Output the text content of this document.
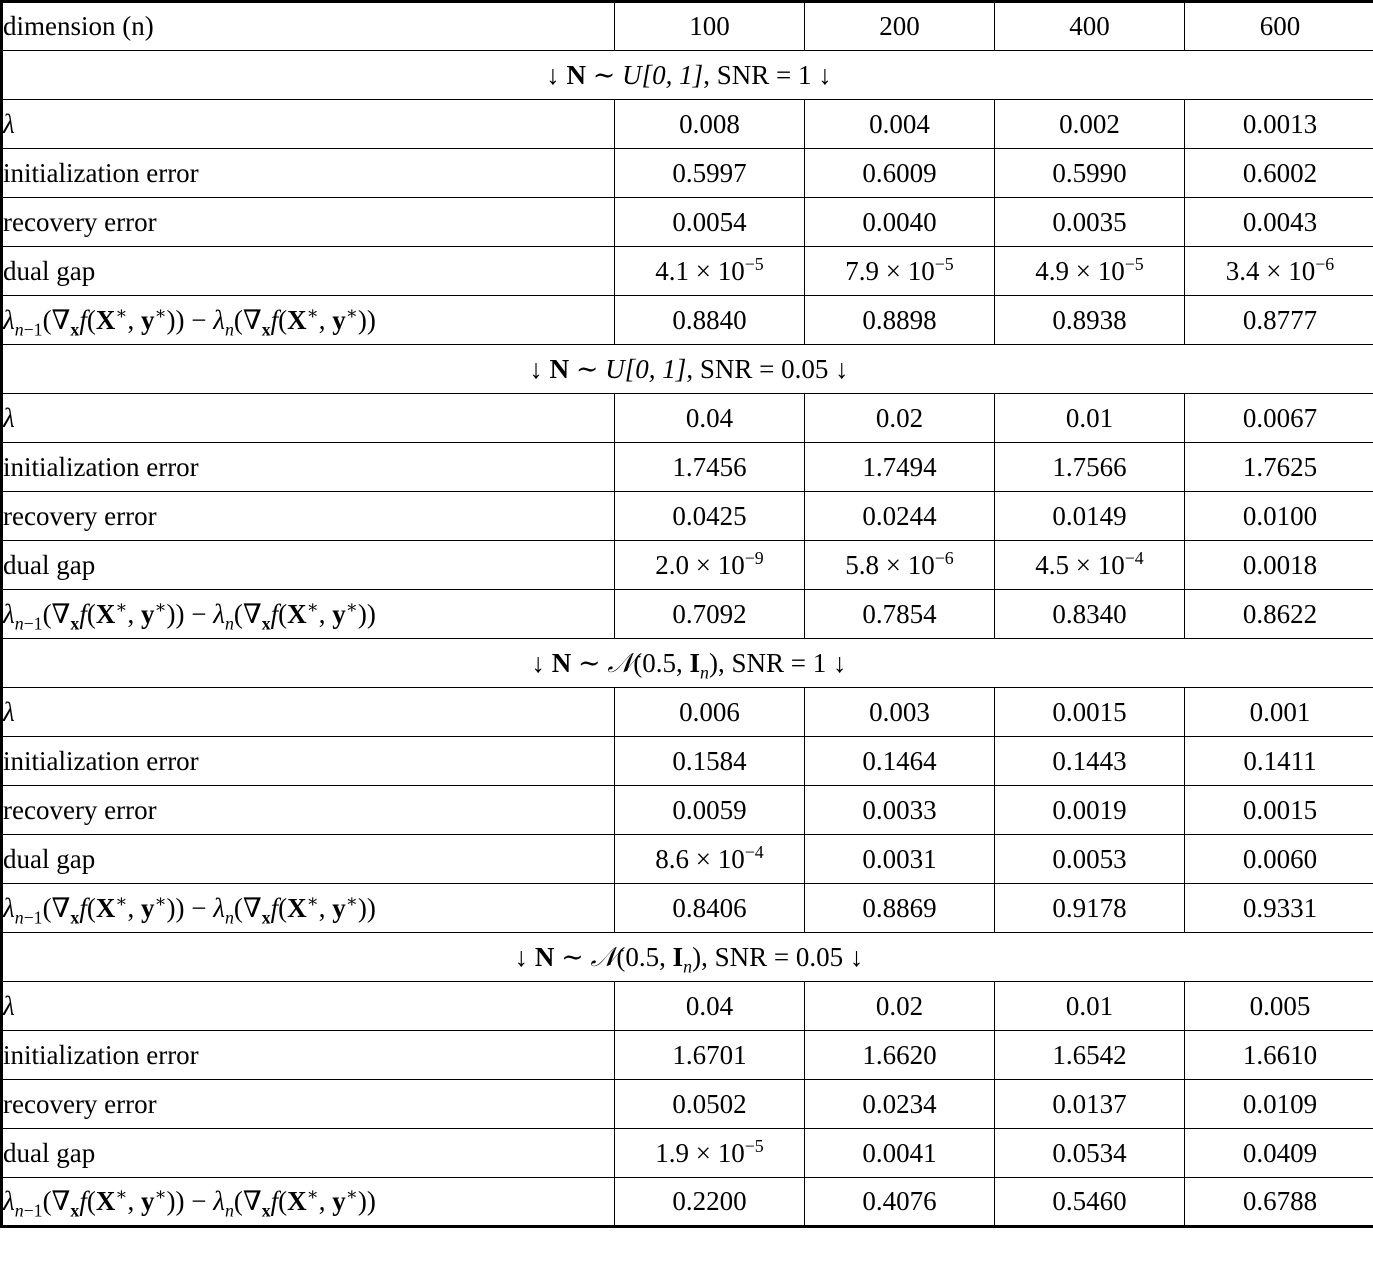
dimension (n)	100	200	400	600
↓ N ∼ U[0, 1], SNR = 1 ↓				
λ	0.008	0.004	0.002	0.0013
initialization error	0.5997	0.6009	0.5990	0.6002
recovery error	0.0054	0.0040	0.0035	0.0043
dual gap	$4.1 \times 10^{-5}$	$7.9 \times 10^{-5}$	$4.9 \times 10^{-5}$	$3.4 \times 10^{-6}$
$\lambda_{n-1}(\nabla_xf(X^∗$, $y^∗)) - \lambda_n(\nabla_xf(X^∗$, y∗))	0.8840	0.8898	0.8938	0.8777
↓ N ∼ U[0, 1], SNR = 0.05 ↓				
λ	0.04	0.02	0.01	0.0067
initialization error	1.7456	1.7494	1.7566	1.7625
recovery error	0.0425	0.0244	0.0149	0.0100
dual gap	$2.0 \times 10^{-9}$	$5.8 \times 10^{-6}$	$4.5 \times 10^{-4}$	0.0018
$\lambda_{n-1}(\nabla_xf(X^∗$, $y^∗)) - \lambda_n(\nabla_xf(X^∗$, y∗))	0.7092	0.7854	0.8340	0.8622
↓ N ∼ 𝒩(0.5, $I_n$), SNR = 1 ↓				
λ	0.006	0.003	0.0015	0.001
initialization error	0.1584	0.1464	0.1443	0.1411
recovery error	0.0059	0.0033	0.0019	0.0015
dual gap	$8.6 \times 10^{-4}$	0.0031	0.0053	0.0060
$\lambda_{n-1}(\nabla_xf(X^∗$, $y^∗)) - \lambda_n(\nabla_xf(X^∗$, y∗))	0.8406	0.8869	0.9178	0.9331
↓ N ∼ 𝒩(0.5, $I_n$), SNR = 0.05 ↓				
λ	0.04	0.02	0.01	0.005
initialization error	1.6701	1.6620	1.6542	1.6610
recovery error	0.0502	0.0234	0.0137	0.0109
dual gap	$1.9 \times 10^{-5}$	0.0041	0.0534	0.0409
$\lambda_{n-1}(\nabla_xf(X^∗$, $y^∗)) - \lambda_n(\nabla_xf(X^∗$, y∗))	0.2200	0.4076	0.5460	0.6788
